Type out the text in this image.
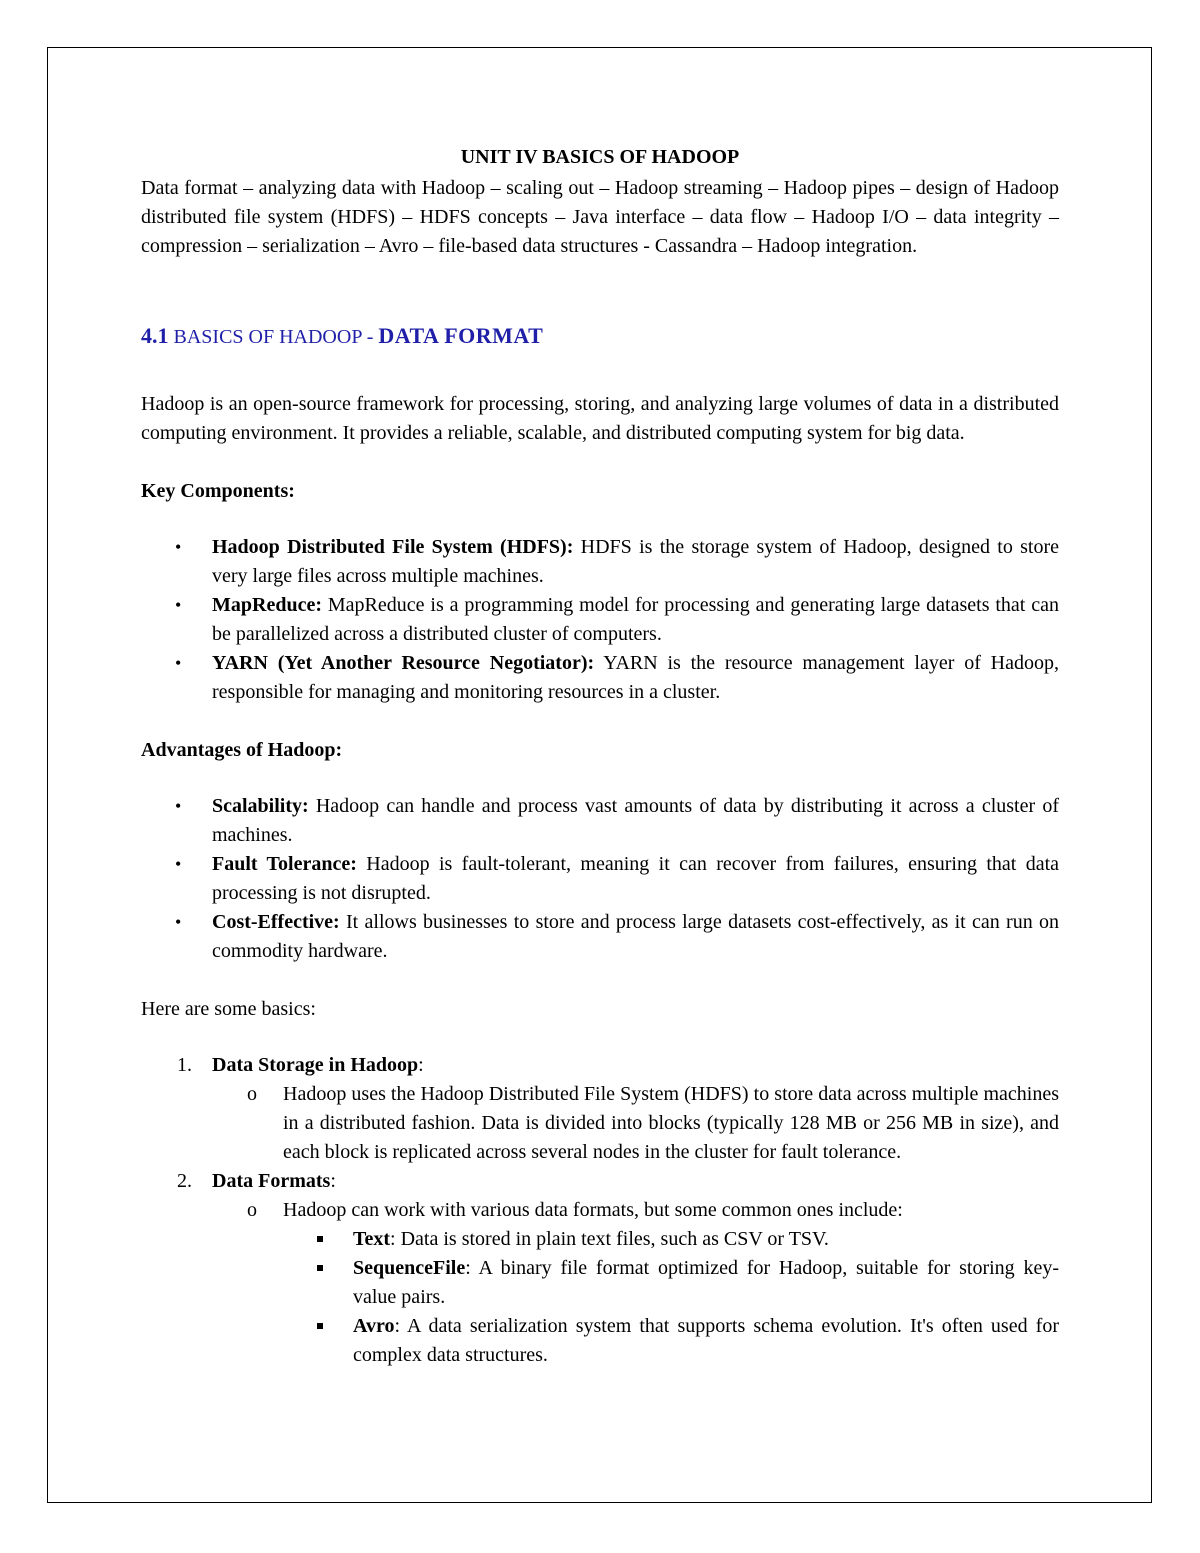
UNIT IV BASICS OF HADOOP

Data format – analyzing data with Hadoop – scaling out – Hadoop streaming – Hadoop pipes – design of Hadoop distributed file system (HDFS) – HDFS concepts – Java interface – data flow – Hadoop I/O – data integrity – compression – serialization – Avro – file-based data structures - Cassandra – Hadoop integration.

4.1 BASICS OF HADOOP - DATA FORMAT

Hadoop is an open-source framework for processing, storing, and analyzing large volumes of data in a distributed computing environment. It provides a reliable, scalable, and distributed computing system for big data.

Key Components:

• Hadoop Distributed File System (HDFS): HDFS is the storage system of Hadoop, designed to store very large files across multiple machines.
• MapReduce: MapReduce is a programming model for processing and generating large datasets that can be parallelized across a distributed cluster of computers.
• YARN (Yet Another Resource Negotiator): YARN is the resource management layer of Hadoop, responsible for managing and monitoring resources in a cluster.

Advantages of Hadoop:

• Scalability: Hadoop can handle and process vast amounts of data by distributing it across a cluster of machines.
• Fault Tolerance: Hadoop is fault-tolerant, meaning it can recover from failures, ensuring that data processing is not disrupted.
• Cost-Effective: It allows businesses to store and process large datasets cost-effectively, as it can run on commodity hardware.

Here are some basics:

1. Data Storage in Hadoop:
o Hadoop uses the Hadoop Distributed File System (HDFS) to store data across multiple machines in a distributed fashion. Data is divided into blocks (typically 128 MB or 256 MB in size), and each block is replicated across several nodes in the cluster for fault tolerance.
2. Data Formats:
o Hadoop can work with various data formats, but some common ones include:
Text: Data is stored in plain text files, such as CSV or TSV.
SequenceFile: A binary file format optimized for Hadoop, suitable for storing key-value pairs.
Avro: A data serialization system that supports schema evolution. It's often used for complex data structures.
